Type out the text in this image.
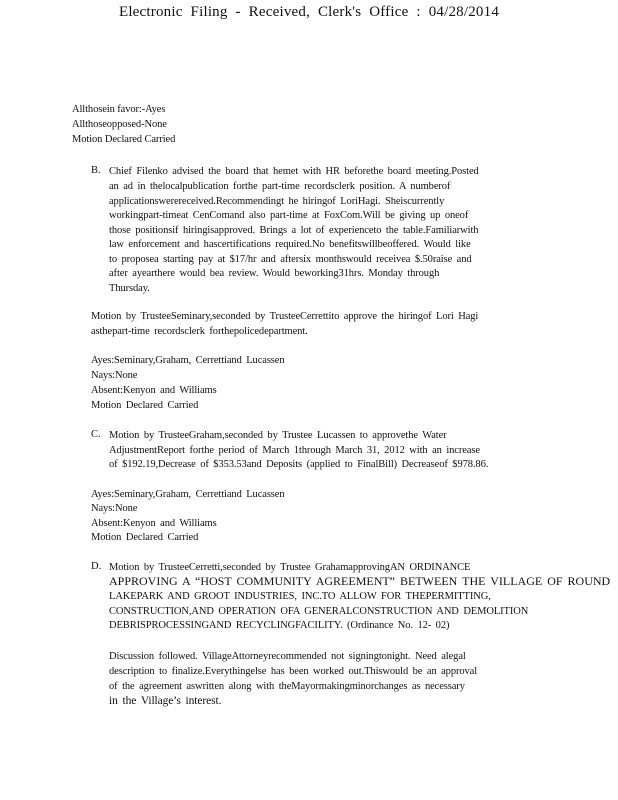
Electronic Filing - Received, Clerk's Office : 04/28/2014
Allthosein favor:-Ayes
Allthoseopposed-None
Motion Declared Carried
B. Chief Filenko advised the board that hemet with HR beforethe board meeting.Posted
an ad in thelocalpublication forthe part-time recordsclerk position. A numberof
applicationswerereceived.Recommendingt he hiringof LoriHagi. Sheiscurrently
workingpart-timeat CenComand also part-time at FoxCom.Will be giving up oneof
those positionsif hiringisapproved. Brings a lot of experienceto the table.Familiarwith
law enforcement and hascertifications required.No benefitswillbeoffered. Would like
to proposea starting pay at $17/hr and aftersix monthswould receivea $.50raise and
after ayearthere would bea review. Would beworking31hrs. Monday through
Thursday.
Motion by TrusteeSeminary,seconded by TrusteeCerrettito approve the hiringof Lori Hagi
asthepart-time recordsclerk forthepolicedepartment.
Ayes:Seminary,Graham, Cerrettiand Lucassen
Nays:None
Absent:Kenyon and Williams
Motion Declared Carried
C. Motion by TrusteeGraham,seconded by Trustee Lucassen to approvethe Water
AdjustmentReport forthe period of March 1through March 31, 2012 with an increase
of $192.19,Decrease of $353.53and Deposits (applied to FinalBill) Decreaseof $978.86.
Ayes:Seminary,Graham, Cerrettiand Lucassen
Nays:None
Absent:Kenyon and Williams
Motion Declared Carried
D. Motion by TrusteeCerretti,seconded by Trustee GrahamapprovingAN ORDINANCE
APPROVING A “HOST COMMUNITY AGREEMENT” BETWEEN THE VILLAGE OF ROUND
LAKEPARK AND GROOT INDUSTRIES, INC.TO ALLOW FOR THEPERMITTING,
CONSTRUCTION,AND OPERATION OFA GENERALCONSTRUCTION AND DEMOLITION
DEBRISPROCESSINGAND RECYCLINGFACILITY. (Ordinance No. 12- 02)
Discussion followed. VillageAttorneyrecommended not signingtonight. Need alegal
description to finalize.Everythingelse has been worked out.Thiswould be an approval
of the agreement aswritten along with theMayormakingminorchanges as necessary
in the Village’s interest.
